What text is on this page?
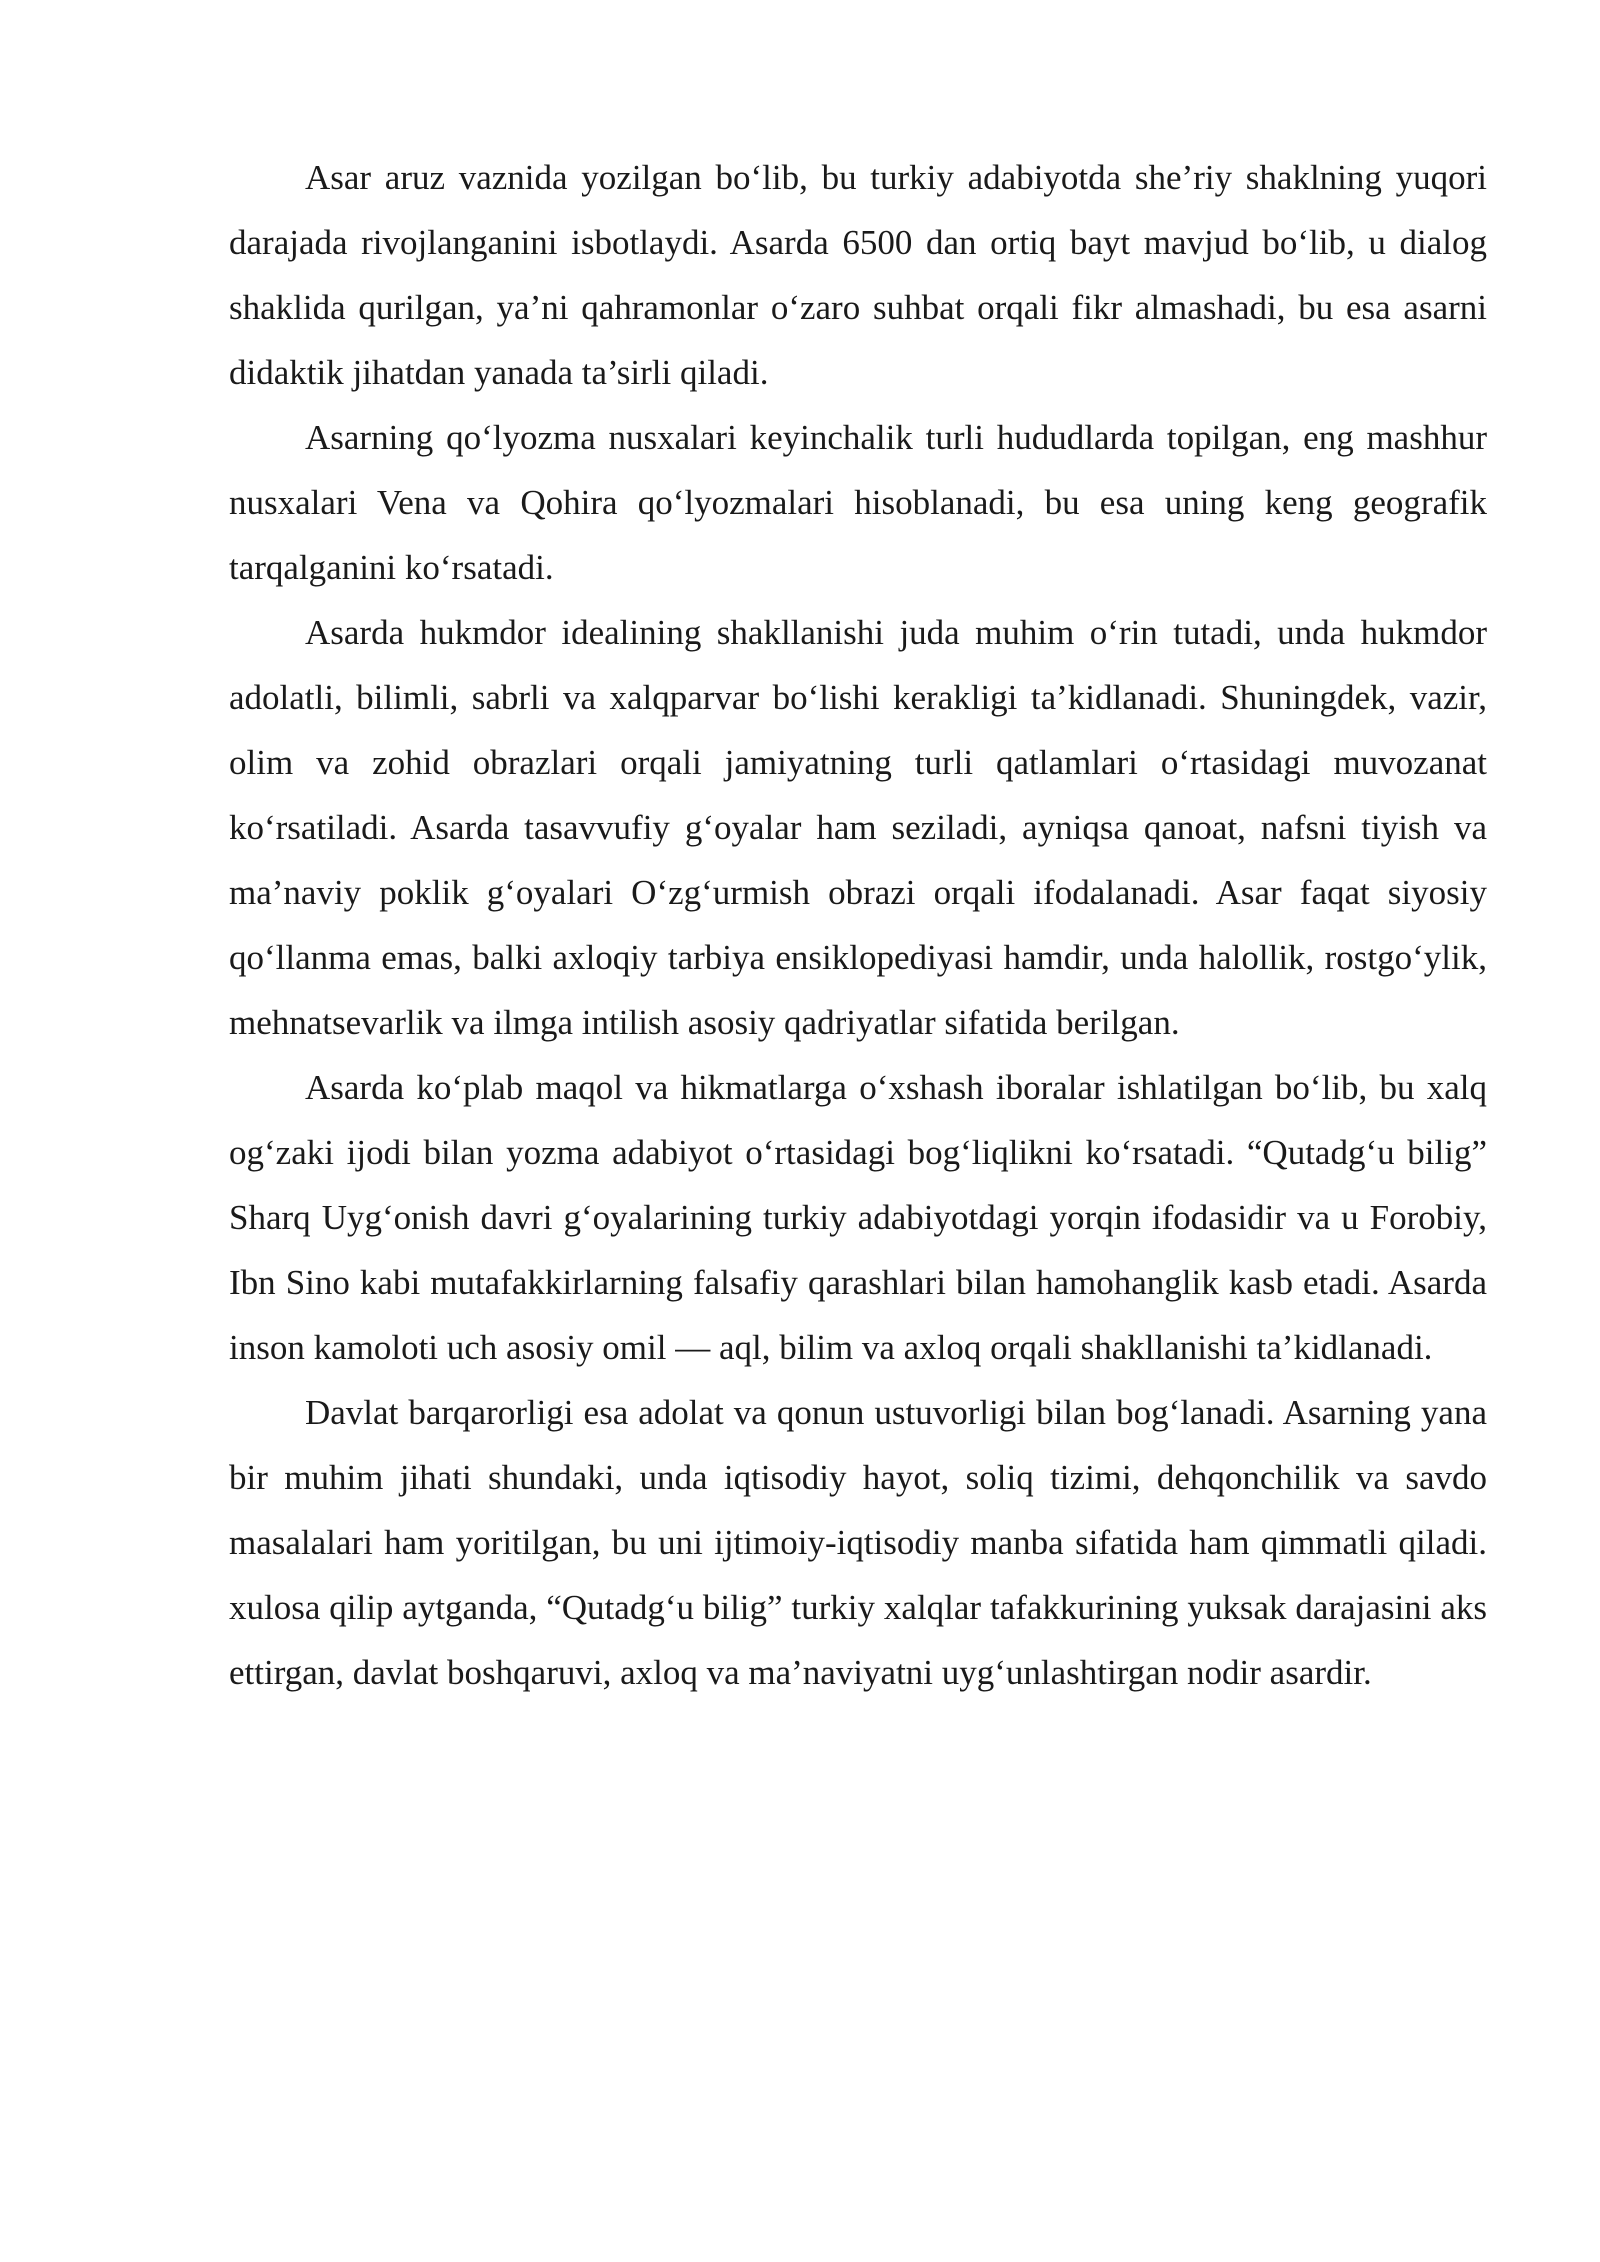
Asar aruz vaznida yozilgan bo‘lib, bu turkiy adabiyotda she’riy shaklning yuqori darajada rivojlanganini isbotlaydi. Asarda 6500 dan ortiq bayt mavjud bo‘lib, u dialog shaklida qurilgan, ya’ni qahramonlar o‘zaro suhbat orqali fikr almashadi, bu esa asarni didaktik jihatdan yanada ta’sirli qiladi.

Asarning qo‘lyozma nusxalari keyinchalik turli hududlarda topilgan, eng mashhur nusxalari Vena va Qohira qo‘lyozmalari hisoblanadi, bu esa uning keng geografik tarqalganini ko‘rsatadi.

Asarda hukmdor idealining shakllanishi juda muhim o‘rin tutadi, unda hukmdor adolatli, bilimli, sabrli va xalqparvar bo‘lishi kerakligi ta’kidlanadi. Shuningdek, vazir, olim va zohid obrazlari orqali jamiyatning turli qatlamlari o‘rtasidagi muvozanat ko‘rsatiladi. Asarda tasavvufiy g‘oyalar ham seziladi, ayniqsa qanoat, nafsni tiyish va ma’naviy poklik g‘oyalari O‘zg‘urmish obrazi orqali ifodalanadi. Asar faqat siyosiy qo‘llanma emas, balki axloqiy tarbiya ensiklopediyasi hamdir, unda halollik, rostgo‘ylik, mehnatsevarlik va ilmga intilish asosiy qadriyatlar sifatida berilgan.

Asarda ko‘plab maqol va hikmatlarga o‘xshash iboralar ishlatilgan bo‘lib, bu xalq og‘zaki ijodi bilan yozma adabiyot o‘rtasidagi bog‘liqlikni ko‘rsatadi. “Qutadg‘u bilig” Sharq Uyg‘onish davri g‘oyalarining turkiy adabiyotdagi yorqin ifodasidir va u Forobiy, Ibn Sino kabi mutafakkirlarning falsafiy qarashlari bilan hamohanglik kasb etadi. Asarda inson kamoloti uch asosiy omil — aql, bilim va axloq orqali shakllanishi ta’kidlanadi.

Davlat barqarorligi esa adolat va qonun ustuvorligi bilan bog‘lanadi. Asarning yana bir muhim jihati shundaki, unda iqtisodiy hayot, soliq tizimi, dehqonchilik va savdo masalalari ham yoritilgan, bu uni ijtimoiy-iqtisodiy manba sifatida ham qimmatli qiladi. xulosa qilip aytganda, “Qutadg‘u bilig” turkiy xalqlar tafakkurining yuksak darajasini aks ettirgan, davlat boshqaruvi, axloq va ma’naviyatni uyg‘unlashtirgan nodir asardir.
